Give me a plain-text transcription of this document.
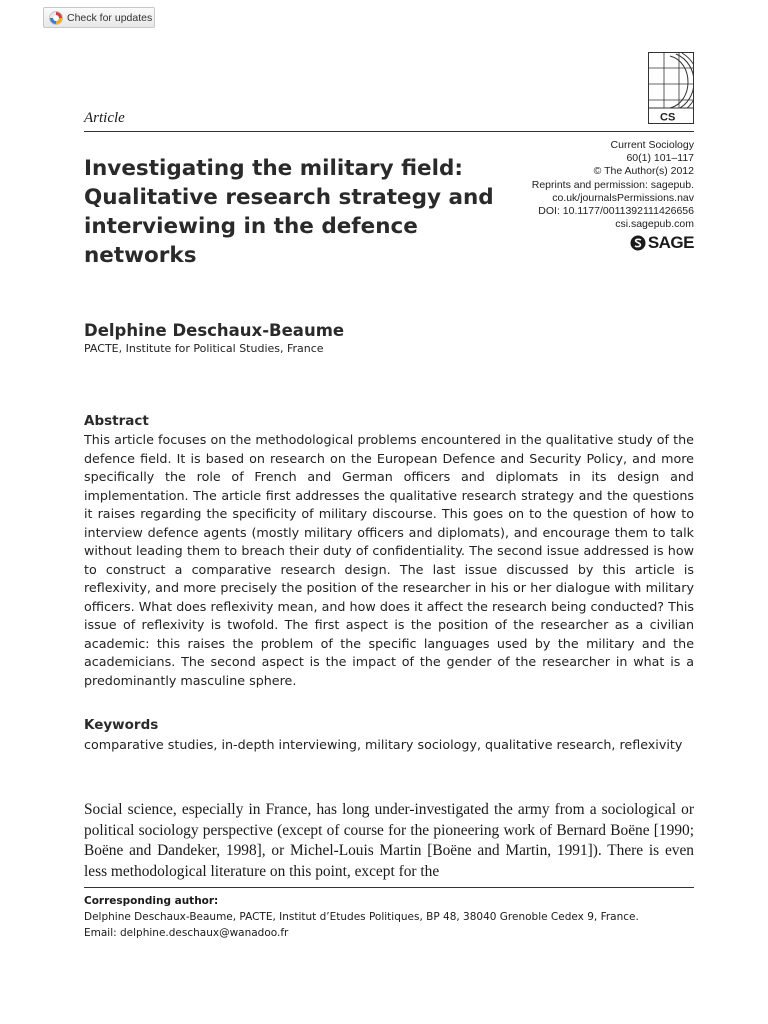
Check for updates
CS
Article
Investigating the military field: Qualitative research strategy and interviewing in the defence networks
Current Sociology
60(1) 101–117
© The Author(s) 2012
Reprints and permission: sagepub.
co.uk/journalsPermissions.nav
DOI: 10.1177/0011392111426656
csi.sagepub.com
SAGE
Delphine Deschaux-Beaume
PACTE, Institute for Political Studies, France
Abstract

This article focuses on the methodological problems encountered in the qualitative study of the defence field. It is based on research on the European Defence and Security Policy, and more specifically the role of French and German officers and diplomats in its design and implementation. The article first addresses the qualitative research strategy and the questions it raises regarding the specificity of military discourse. This goes on to the question of how to interview defence agents (mostly military officers and diplomats), and encourage them to talk without leading them to breach their duty of confidentiality. The second issue addressed is how to construct a comparative research design. The last issue discussed by this article is reflexivity, and more precisely the position of the researcher in his or her dialogue with military officers. What does reflexivity mean, and how does it affect the research being conducted? This issue of reflexivity is twofold. The first aspect is the position of the researcher as a civilian academic: this raises the problem of the specific languages used by the military and the academicians. The second aspect is the impact of the gender of the researcher in what is a predominantly masculine sphere.

Keywords

comparative studies, in-depth interviewing, military sociology, qualitative research, reflexivity

Social science, especially in France, has long under-investigated the army from a sociological or political sociology perspective (except of course for the pioneering work of Bernard Boëne [1990; Boëne and Dandeker, 1998], or Michel-Louis Martin [Boëne and Martin, 1991]). There is even less methodological literature on this point, except for the

Corresponding author:
Delphine Deschaux-Beaume, PACTE, Institut d’Etudes Politiques, BP 48, 38040 Grenoble Cedex 9, France.
Email: delphine.deschaux@wanadoo.fr
